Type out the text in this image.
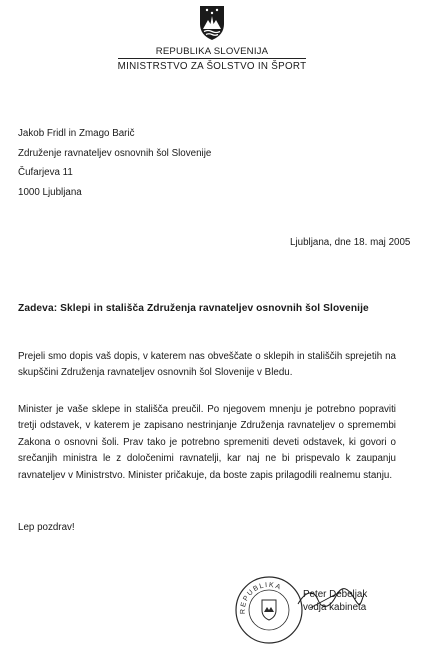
REPUBLIKA SLOVENIJA
MINISTRSTVO ZA ŠOLSTVO IN ŠPORT
Jakob Fridl in Zmago Barič
Združenje ravnateljev osnovnih šol Slovenije
Čufarjeva 11
1000 Ljubljana
Ljubljana, dne 18. maj 2005
Zadeva: Sklepi in stališča Združenja ravnateljev osnovnih šol Slovenije
Prejeli smo dopis vaš dopis, v katerem nas obveščate o sklepih in stališčih sprejetih na skupščini Združenja ravnateljev osnovnih šol Slovenije v Bledu.
Minister je vaše sklepe in stališča preučil. Po njegovem mnenju je potrebno popraviti tretji odstavek, v katerem je zapisano nestrinjanje Združenja ravnateljev o spremembi Zakona o osnovni šoli. Prav tako je potrebno spremeniti deveti odstavek, ki govori o srečanjih ministra le z določenimi ravnatelji, kar naj ne bi prispevalo k zaupanju ravnateljev v Ministrstvo. Minister pričakuje, da boste zapis prilagodili realnemu stanju.
Lep pozdrav!
REPUBLIKA
Peter Debeljak
vodja kabineta
